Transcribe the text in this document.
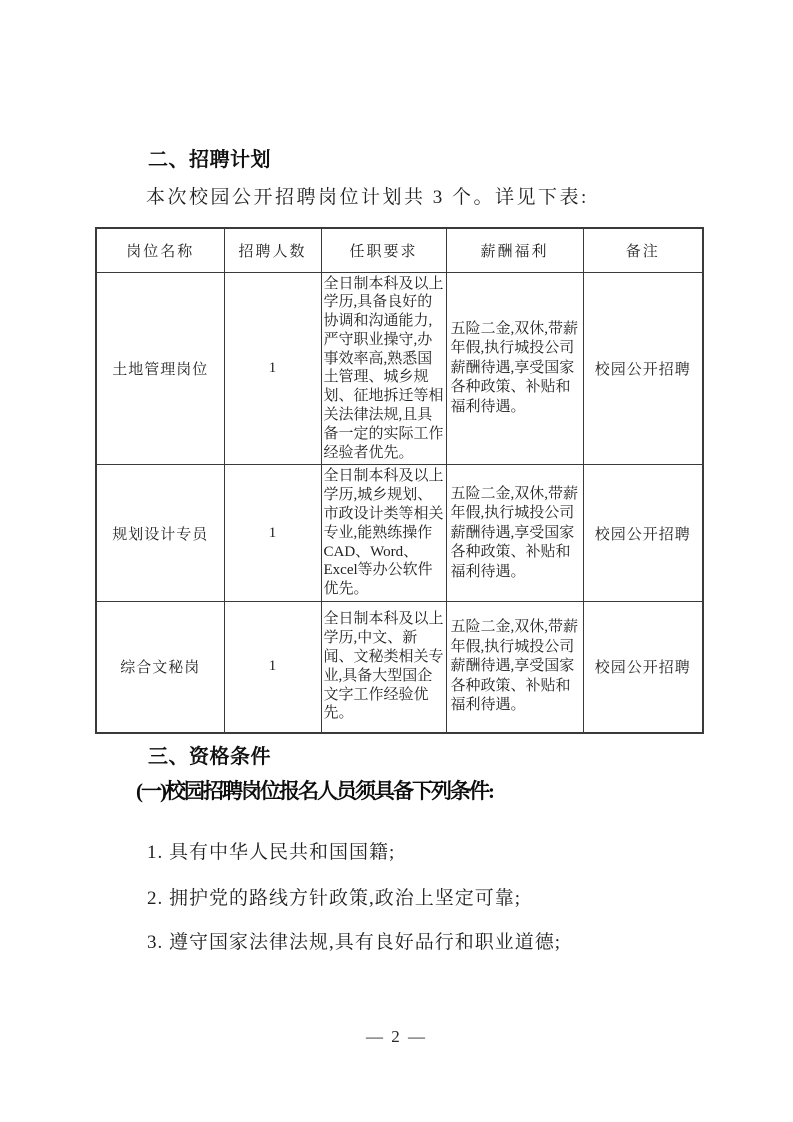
二、招聘计划
本次校园公开招聘岗位计划共 3 个。详见下表:
岗位名称	招聘人数	任职要求	薪酬福利	备注
土地管理岗位	1	全日制本科及以上学历,具备良好的协调和沟通能力,严守职业操守,办事效率高,熟悉国土管理、城乡规划、征地拆迁等相关法律法规,且具备一定的实际工作经验者优先。	五险二金,双休,带薪年假,执行城投公司薪酬待遇,享受国家各种政策、补贴和福利待遇。	校园公开招聘
规划设计专员	1	全日制本科及以上学历,城乡规划、市政设计类等相关专业,能熟练操作CAD、Word、Excel等办公软件优先。	五险二金,双休,带薪年假,执行城投公司薪酬待遇,享受国家各种政策、补贴和福利待遇。	校园公开招聘
综合文秘岗	1	全日制本科及以上学历,中文、新闻、文秘类相关专业,具备大型国企文字工作经验优先。	五险二金,双休,带薪年假,执行城投公司薪酬待遇,享受国家各种政策、补贴和福利待遇。	校园公开招聘
三、资格条件
(一)校园招聘岗位报名人员须具备下列条件:
1. 具有中华人民共和国国籍;
2. 拥护党的路线方针政策,政治上坚定可靠;
3. 遵守国家法律法规,具有良好品行和职业道德;
— 2 —
